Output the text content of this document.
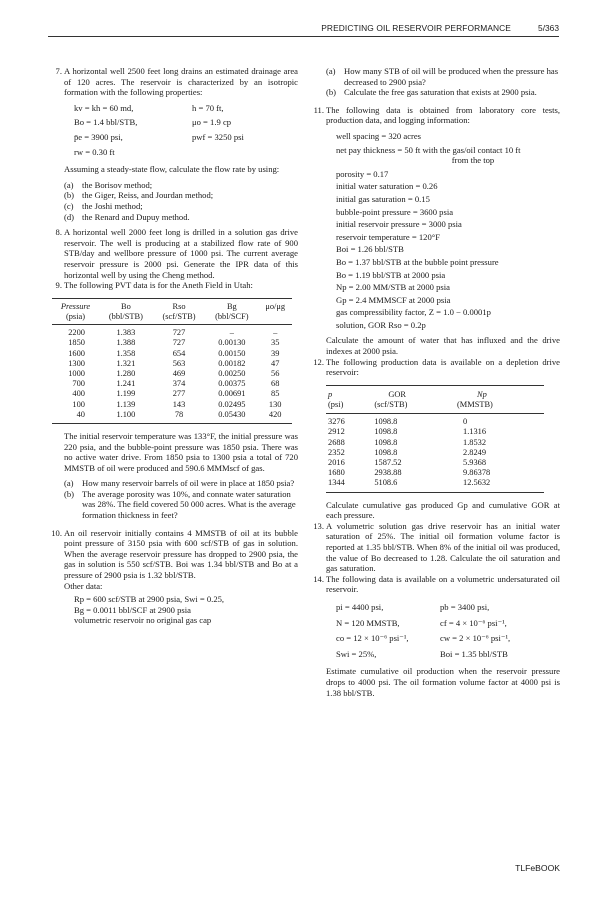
PREDICTING OIL RESERVOIR PERFORMANCE	5/363
7. A horizontal well 2500 feet long drains an estimated drainage area of 120 acres. The reservoir is characterized by an isotropic formation with the following properties:

kv = kh = 60 md,	h = 70 ft,

Bo = 1.4 bbl/STB,	μo = 1.9 cp

p̄e = 3900 psi,	pwf = 3250 psi

rw = 0.30 ft

Assuming a steady-state flow, calculate the flow rate by using:

(a) the Borisov method;

(b) the Giger, Reiss, and Jourdan method;

(c) the Joshi method;

(d) the Renard and Dupuy method.

8. A horizontal well 2000 feet long is drilled in a solution gas drive reservoir. The well is producing at a stabilized flow rate of 900 STB/day and wellbore pressure of 1000 psi. The current average reservoir pressure is 2000 psi. Generate the IPR data of this horizontal well by using the Cheng method.

9. The following PVT data is for the Aneth Field in Utah:

Pressure	Bo	Rso	Bg	μo/μg
(psia)	(bbl/STB)	(scf/STB)	(bbl/SCF)	
2200	1.383	727	–	–
1850	1.388	727	0.00130	35
1600	1.358	654	0.00150	39
1300	1.321	563	0.00182	47
1000	1.280	469	0.00250	56
700	1.241	374	0.00375	68
400	1.199	277	0.00691	85
100	1.139	143	0.02495	130
40	1.100	78	0.05430	420

The initial reservoir temperature was 133°F, the initial pressure was 220 psia, and the bubble-point pressure was 1850 psia. There was no active water drive. From 1850 psia to 1300 psia a total of 720 MMSTB of oil were produced and 590.6 MMMscf of gas.

(a) How many reservoir barrels of oil were in place at 1850 psia?

(b) The average porosity was 10%, and connate water saturation was 28%. The field covered 50 000 acres. What is the average formation thickness in feet?

10. An oil reservoir initially contains 4 MMSTB of oil at its bubble point pressure of 3150 psia with 600 scf/STB of gas in solution. When the average reservoir pressure has dropped to 2900 psia, the gas in solution is 550 scf/STB. Boi was 1.34 bbl/STB and Bo at a pressure of 2900 psia is 1.32 bbl/STB.

Other data:

Rp = 600 scf/STB at 2900 psia, Swi = 0.25,

Bg = 0.0011 bbl/SCF at 2900 psia

volumetric reservoir no original gas cap

(a) How many STB of oil will be produced when the pressure has decreased to 2900 psia?

(b) Calculate the free gas saturation that exists at 2900 psia.

11. The following data is obtained from laboratory core tests, production data, and logging information:

well spacing = 320 acres

net pay thickness = 50 ft with the gas/oil contact 10 ft

from the top

porosity = 0.17

initial water saturation = 0.26

initial gas saturation = 0.15

bubble-point pressure = 3600 psia

initial reservoir pressure = 3000 psia

reservoir temperature = 120°F

Boi = 1.26 bbl/STB

Bo = 1.37 bbl/STB at the bubble point pressure

Bo = 1.19 bbl/STB at 2000 psia

Np = 2.00 MM/STB at 2000 psia

Gp = 2.4 MMMSCF at 2000 psia

gas compressibility factor, Z = 1.0 − 0.0001p

solution, GOR Rso = 0.2p

Calculate the amount of water that has influxed and the drive indexes at 2000 psia.

12. The following production data is available on a depletion drive reservoir:

p	GOR	Np
(psi)	(scf/STB)	(MMSTB)
3276	1098.8	0
2912	1098.8	1.1316
2688	1098.8	1.8532
2352	1098.8	2.8249
2016	1587.52	5.9368
1680	2938.88	9.86378
1344	5108.6	12.5632

Calculate cumulative gas produced Gp and cumulative GOR at each pressure.

13. A volumetric solution gas drive reservoir has an initial water saturation of 25%. The initial oil formation volume factor is reported at 1.35 bbl/STB. When 8% of the initial oil was produced, the value of Bo decreased to 1.28. Calculate the oil saturation and gas saturation.

14. The following data is available on a volumetric undersaturated oil reservoir.

pi = 4400 psi,	pb = 3400 psi,

N = 120 MMSTB,	cf = 4 × 10⁻⁶ psi⁻¹,

co = 12 × 10⁻⁶ psi⁻¹,	cw = 2 × 10⁻⁶ psi⁻¹,

Swi = 25%,	Boi = 1.35 bbl/STB

Estimate cumulative oil production when the reservoir pressure drops to 4000 psi. The oil formation volume factor at 4000 psi is 1.38 bbl/STB.

TLFeBOOK
